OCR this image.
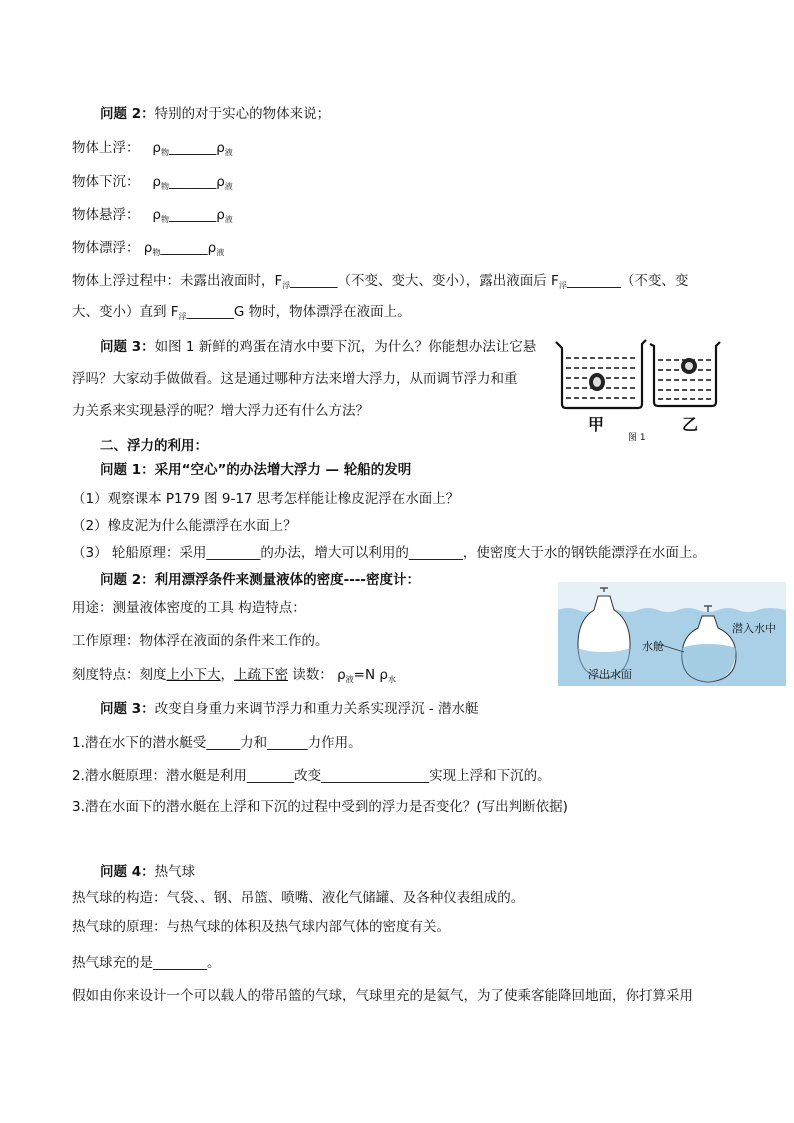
问题 2：特别的对于实心的物体来说；
物体上浮： $\rho_物\_\_\_\_\_\_\_\rho_液$
物体下沉： $\rho_物\_\_\_\_\_\_\_\rho_液$
物体悬浮： $\rho_物\_\_\_\_\_\_\_\rho_液$
物体漂浮： $\rho_物\_\_\_\_\_\_\_\rho_液$
物体上浮过程中：未露出液面时，$F_浮\_\_\_\_\_\_\_$（不变、变大、变小），露出液面后 $F_浮\_\_\_\_\_\_\_\_$（不变、变
大、变小）直到 $F_浮\_\_\_\_\_\_\_G$ 物时，物体漂浮在液面上。
问题 3：如图 1 新鲜的鸡蛋在清水中要下沉，为什么？你能想办法让它悬
浮吗？大家动手做做看。这是通过哪种方法来增大浮力，从而调节浮力和重
力关系来实现悬浮的呢？增大浮力还有什么方法？
甲
图 1
乙
二、浮力的利用：
问题 1：采用“空心”的办法增大浮力 — 轮船的发明
（1）观察课本 P179 图 9-17 思考怎样能让橡皮泥浮在水面上？
（2）橡皮泥为什么能漂浮在水面上？
（3） 轮船原理：采用________的办法，增大可以利用的________，使密度大于水的钢铁能漂浮在水面上。
问题 2：利用漂浮条件来测量液体的密度----密度计：
用途：测量液体密度的工具 构造特点：
工作原理：物体浮在液面的条件来工作的。
刻度特点：刻度上小下大，上疏下密 读数： $\rho_液=N$ $\rho_水$
潜入水中
水舱
浮出水面
问题 3：改变自身重力来调节浮力和重力关系实现浮沉 - 潜水艇
1.潜在水下的潜水艇受_____力和______力作用。
2.潜水艇原理：潜水艇是利用_______改变________________实现上浮和下沉的。
3.潜在水面下的潜水艇在上浮和下沉的过程中受到的浮力是否变化？(写出判断依据)
问题 4：热气球
热气球的构造：气袋、、钢、吊篮、喷嘴、液化气储罐、及各种仪表组成的。
热气球的原理：与热气球的体积及热气球内部气体的密度有关。
热气球充的是________。
假如由你来设计一个可以载人的带吊篮的气球，气球里充的是氦气，为了使乘客能降回地面，你打算采用
